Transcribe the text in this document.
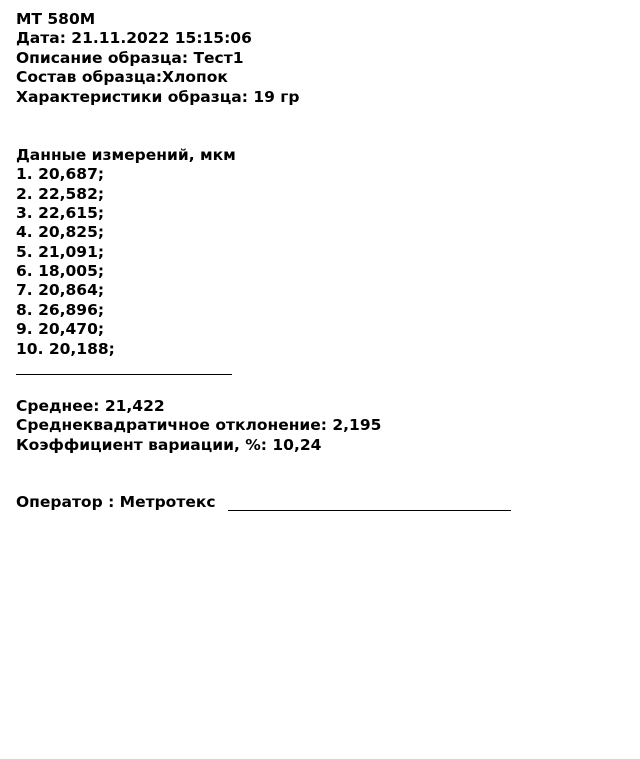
MT 580M
Дата: 21.11.2022 15:15:06
Описание образца: Тест1
Состав образца:Хлопок
Характеристики образца: 19 гр
Данные измерений, мкм
1. 20,687;
2. 22,582;
3. 22,615;
4. 20,825;
5. 21,091;
6. 18,005;
7. 20,864;
8. 26,896;
9. 20,470;
10. 20,188;
Среднее: 21,422
Среднеквадратичное отклонение: 2,195
Коэффициент вариации, %: 10,24
Оператор : Метротекс
